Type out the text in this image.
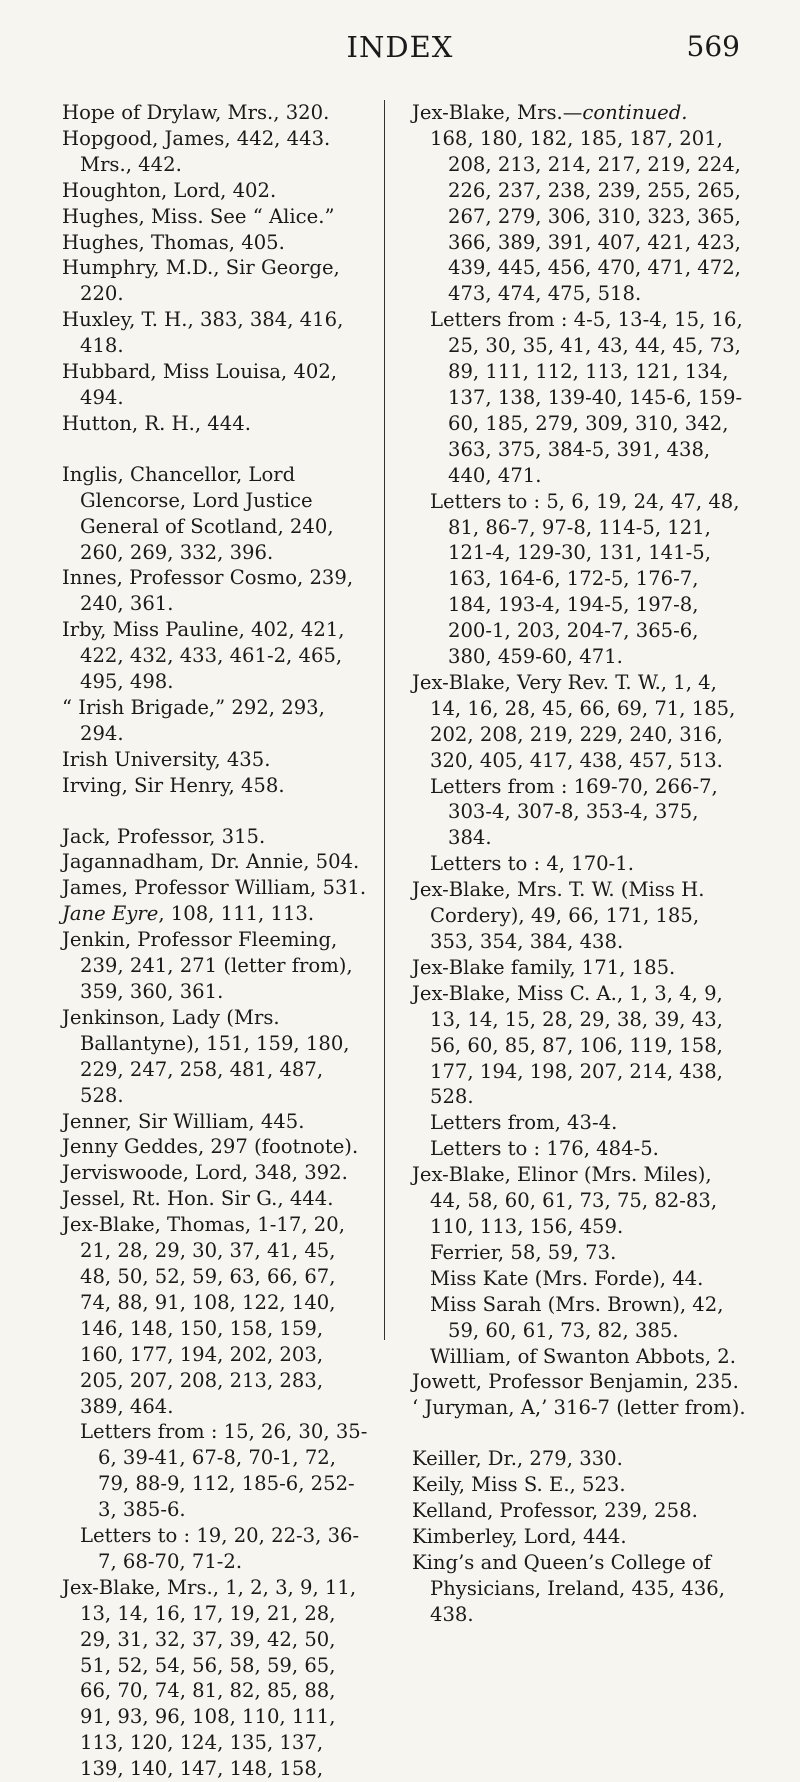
INDEX	569
Hope of Drylaw, Mrs., 320.
Hopgood, James, 442, 443.
Mrs., 442.
Houghton, Lord, 402.
Hughes, Miss. See “ Alice.”
Hughes, Thomas, 405.
Humphry, M.D., Sir George, 220.
Huxley, T. H., 383, 384, 416, 418.
Hubbard, Miss Louisa, 402, 494.
Hutton, R. H., 444.
Inglis, Chancellor, Lord Glencorse, Lord Justice General of Scotland, 240, 260, 269, 332, 396.
Innes, Professor Cosmo, 239, 240, 361.
Irby, Miss Pauline, 402, 421, 422, 432, 433, 461-2, 465, 495, 498.
“ Irish Brigade,” 292, 293, 294.
Irish University, 435.
Irving, Sir Henry, 458.
Jack, Professor, 315.
Jagannadham, Dr. Annie, 504.
James, Professor William, 531.
Jane Eyre, 108, 111, 113.
Jenkin, Professor Fleeming, 239, 241, 271 (letter from), 359, 360, 361.
Jenkinson, Lady (Mrs. Ballantyne), 151, 159, 180, 229, 247, 258, 481, 487, 528.
Jenner, Sir William, 445.
Jenny Geddes, 297 (footnote).
Jerviswoode, Lord, 348, 392.
Jessel, Rt. Hon. Sir G., 444.
Jex-Blake, Thomas, 1-17, 20, 21, 28, 29, 30, 37, 41, 45, 48, 50, 52, 59, 63, 66, 67, 74, 88, 91, 108, 122, 140, 146, 148, 150, 158, 159, 160, 177, 194, 202, 203, 205, 207, 208, 213, 283, 389, 464.
Letters from : 15, 26, 30, 35-6, 39-41, 67-8, 70-1, 72, 79, 88-9, 112, 185-6, 252-3, 385-6.
Letters to : 19, 20, 22-3, 36-7, 68-70, 71-2.
Jex-Blake, Mrs., 1, 2, 3, 9, 11, 13, 14, 16, 17, 19, 21, 28, 29, 31, 32, 37, 39, 42, 50, 51, 52, 54, 56, 58, 59, 65, 66, 70, 74, 81, 82, 85, 88, 91, 93, 96, 108, 110, 111, 113, 120, 124, 135, 137, 139, 140, 147, 148, 158,
Jex-Blake, Mrs.—continued.
168, 180, 182, 185, 187, 201, 208, 213, 214, 217, 219, 224, 226, 237, 238, 239, 255, 265, 267, 279, 306, 310, 323, 365, 366, 389, 391, 407, 421, 423, 439, 445, 456, 470, 471, 472, 473, 474, 475, 518.
Letters from : 4-5, 13-4, 15, 16, 25, 30, 35, 41, 43, 44, 45, 73, 89, 111, 112, 113, 121, 134, 137, 138, 139-40, 145-6, 159-60, 185, 279, 309, 310, 342, 363, 375, 384-5, 391, 438, 440, 471.
Letters to : 5, 6, 19, 24, 47, 48, 81, 86-7, 97-8, 114-5, 121, 121-4, 129-30, 131, 141-5, 163, 164-6, 172-5, 176-7, 184, 193-4, 194-5, 197-8, 200-1, 203, 204-7, 365-6, 380, 459-60, 471.
Jex-Blake, Very Rev. T. W., 1, 4, 14, 16, 28, 45, 66, 69, 71, 185, 202, 208, 219, 229, 240, 316, 320, 405, 417, 438, 457, 513.
Letters from : 169-70, 266-7, 303-4, 307-8, 353-4, 375, 384.
Letters to : 4, 170-1.
Jex-Blake, Mrs. T. W. (Miss H. Cordery), 49, 66, 171, 185, 353, 354, 384, 438.
Jex-Blake family, 171, 185.
Jex-Blake, Miss C. A., 1, 3, 4, 9, 13, 14, 15, 28, 29, 38, 39, 43, 56, 60, 85, 87, 106, 119, 158, 177, 194, 198, 207, 214, 438, 528.
Letters from, 43-4.
Letters to : 176, 484-5.
Jex-Blake, Elinor (Mrs. Miles), 44, 58, 60, 61, 73, 75, 82-83, 110, 113, 156, 459.
Ferrier, 58, 59, 73.
Miss Kate (Mrs. Forde), 44.
Miss Sarah (Mrs. Brown), 42, 59, 60, 61, 73, 82, 385.
William, of Swanton Abbots, 2.
Jowett, Professor Benjamin, 235.
‘ Juryman, A,’ 316-7 (letter from).
Keiller, Dr., 279, 330.
Keily, Miss S. E., 523.
Kelland, Professor, 239, 258.
Kimberley, Lord, 444.
King’s and Queen’s College of Physicians, Ireland, 435, 436, 438.
